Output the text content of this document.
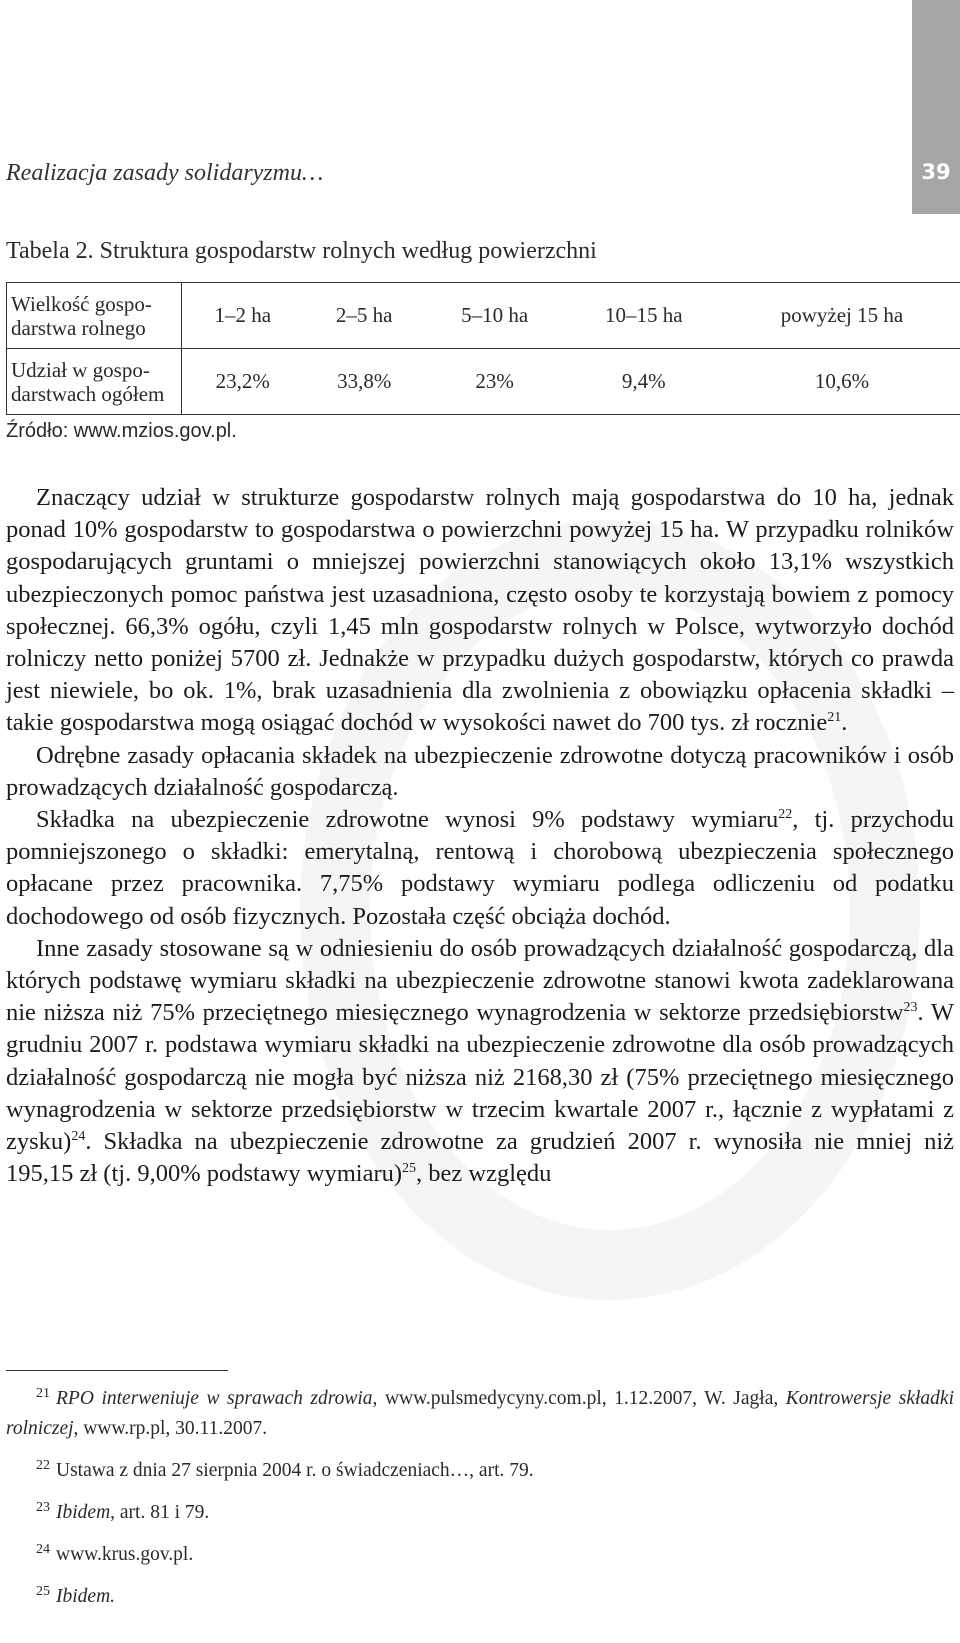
39
Realizacja zasady solidaryzmu…
Tabela 2. Struktura gospodarstw rolnych według powierzchni
Wielkość gospo-
darstwa rolnego	1–2 ha	2–5 ha	5–10 ha	10–15 ha	powyżej 15 ha
Udział w gospo-
darstwach ogółem	23,2%	33,8%	23%	9,4%	10,6%
Źródło: www.mzios.gov.pl.

Znaczący udział w strukturze gospodarstw rolnych mają gospodarstwa do 10 ha, jednak ponad 10% gospodarstw to gospodarstwa o powierzchni powyżej 15 ha. W przypadku rolników gospodarujących gruntami o mniejszej powierzchni stanowiących około 13,1% wszystkich ubezpieczonych pomoc państwa jest uzasadniona, często osoby te korzystają bowiem z pomocy społecznej. 66,3% ogółu, czyli 1,45 mln gospodarstw rolnych w Polsce, wytworzyło dochód rolniczy netto poniżej 5700 zł. Jednakże w przypadku dużych gospodarstw, których co prawda jest niewiele, bo ok. 1%, brak uzasadnienia dla zwolnienia z obowiązku opłacenia składki – takie gospodarstwa mogą osiągać dochód w wysokości nawet do 700 tys. zł rocznie$^{21}$.

Odrębne zasady opłacania składek na ubezpieczenie zdrowotne dotyczą pracowników i osób prowadzących działalność gospodarczą.

Składka na ubezpieczenie zdrowotne wynosi 9% podstawy wymiaru$^{22}$, tj. przychodu pomniejszonego o składki: emerytalną, rentową i chorobową ubezpieczenia społecznego opłacane przez pracownika. 7,75% podstawy wymiaru podlega odliczeniu od podatku dochodowego od osób fizycznych. Pozostała część obciąża dochód.

Inne zasady stosowane są w odniesieniu do osób prowadzących działalność gospodarczą, dla których podstawę wymiaru składki na ubezpieczenie zdrowotne stanowi kwota zadeklarowana nie niższa niż 75% przeciętnego miesięcznego wynagrodzenia w sektorze przedsiębiorstw$^{23}$. W grudniu 2007 r. podstawa wymiaru składki na ubezpieczenie zdrowotne dla osób prowadzących działalność gospodarczą nie mogła być niższa niż 2168,30 zł (75% przeciętnego miesięcznego wynagrodzenia w sektorze przedsiębiorstw w trzecim kwartale 2007 r., łącznie z wypłatami z zysku)$^{24}$. Składka na ubezpieczenie zdrowotne za grudzień 2007 r. wynosiła nie mniej niż 195,15 zł (tj. 9,00% podstawy wymiaru)$^{25}$, bez względu

$^{21}$ RPO interweniuje w sprawach zdrowia, www.pulsmedycyny.com.pl, 1.12.2007, W. Jagła, Kontrowersje składki rolniczej, www.rp.pl, 30.11.2007.
$^{22}$ Ustawa z dnia 27 sierpnia 2004 r. o świadczeniach…, art. 79.
$^{23}$ Ibidem, art. 81 i 79.
$^{24}$ www.krus.gov.pl.
$^{25}$ Ibidem.
